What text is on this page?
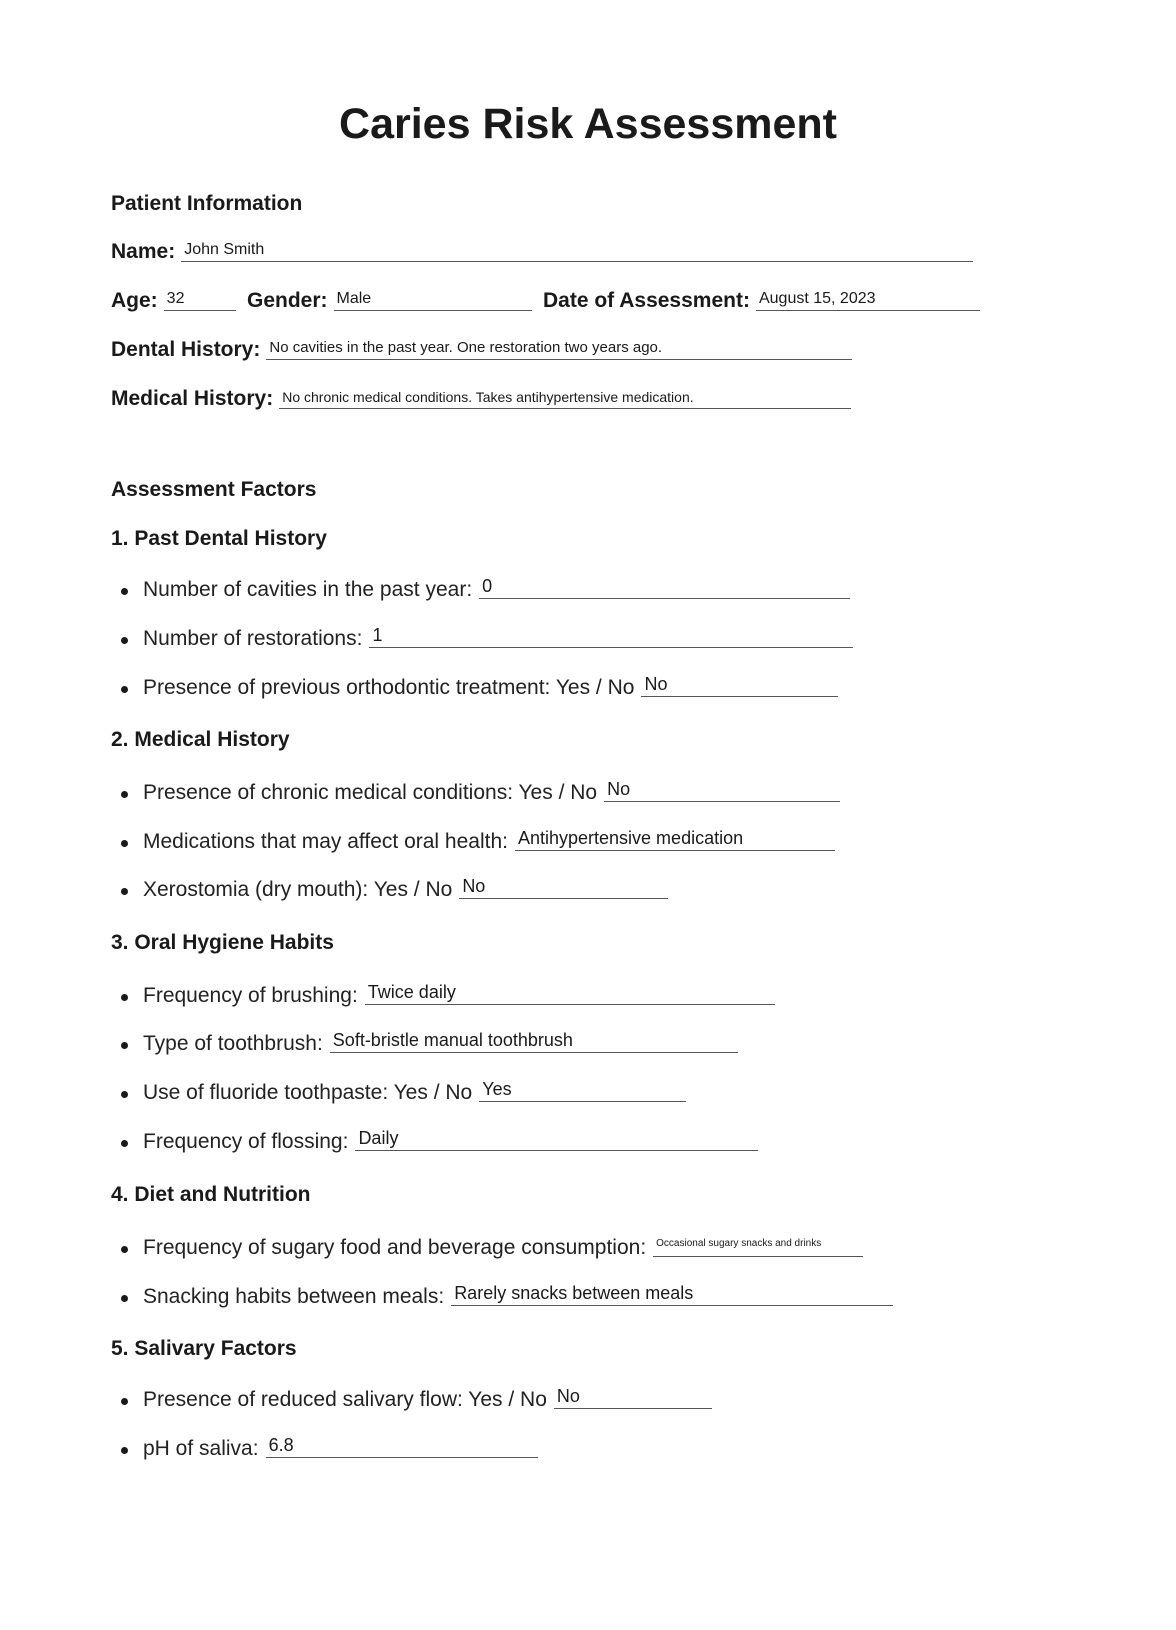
Caries Risk Assessment
Patient Information
Name: John Smith
Age: 32	Gender: Male	Date of Assessment: August 15, 2023
Dental History: No cavities in the past year. One restoration two years ago.
Medical History: No chronic medical conditions. Takes antihypertensive medication.
Assessment Factors
1. Past Dental History
Number of cavities in the past year: 0
Number of restorations: 1
Presence of previous orthodontic treatment: Yes / No No
2. Medical History
Presence of chronic medical conditions: Yes / No No
Medications that may affect oral health: Antihypertensive medication
Xerostomia (dry mouth): Yes / No No
3. Oral Hygiene Habits
Frequency of brushing: Twice daily
Type of toothbrush: Soft-bristle manual toothbrush
Use of fluoride toothpaste: Yes / No Yes
Frequency of flossing: Daily
4. Diet and Nutrition
Frequency of sugary food and beverage consumption:	Occasional sugary snacks and drinks
Snacking habits between meals: Rarely snacks between meals
5. Salivary Factors
Presence of reduced salivary flow: Yes / No No
pH of saliva: 6.8
